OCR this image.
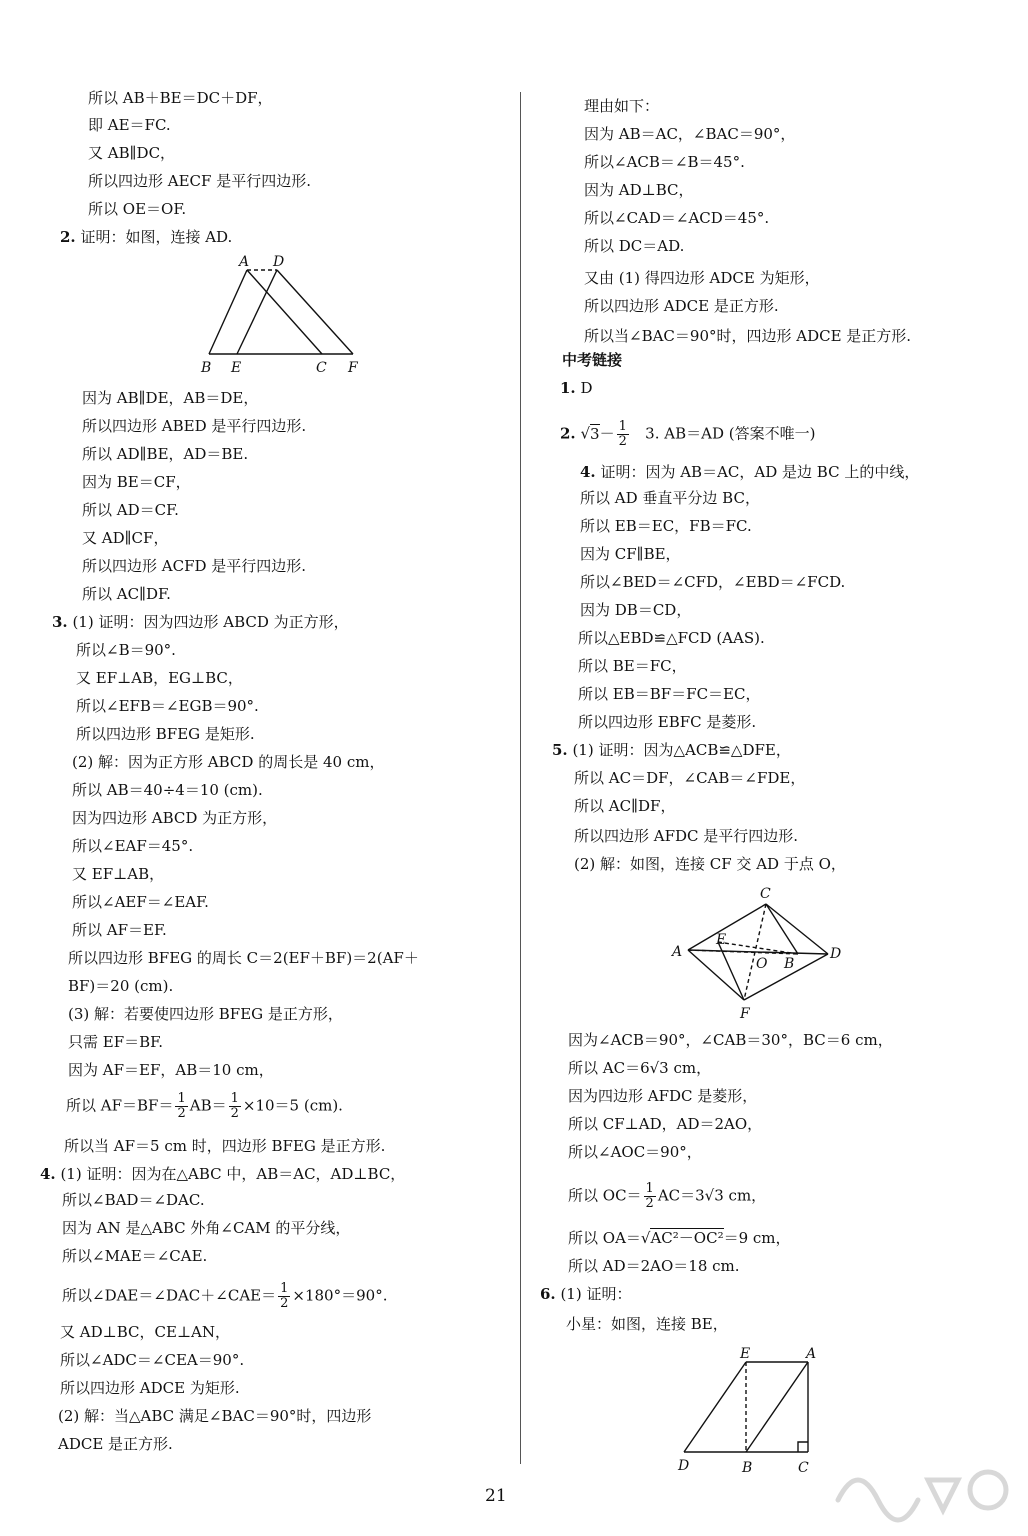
所以 AB＋BE＝DC＋DF，
即 AE＝FC.
又 AB∥DC，
所以四边形 AECF 是平行四边形.
所以 OE＝OF.
2. 证明：如图，连接 AD.
因为 AB∥DE，AB＝DE，
所以四边形 ABED 是平行四边形.
所以 AD∥BE，AD＝BE.
因为 BE＝CF，
所以 AD＝CF.
又 AD∥CF，
所以四边形 ACFD 是平行四边形.
所以 AC∥DF.
3. (1) 证明：因为四边形 ABCD 为正方形，
所以∠B＝90°.
又 EF⊥AB，EG⊥BC，
所以∠EFB＝∠EGB＝90°.
所以四边形 BFEG 是矩形.
(2) 解：因为正方形 ABCD 的周长是 40 cm，
所以 AB＝40÷4＝10 (cm).
因为四边形 ABCD 为正方形，
所以∠EAF＝45°.
又 EF⊥AB，
所以∠AEF＝∠EAF.
所以 AF＝EF.
所以四边形 BFEG 的周长 C＝2(EF＋BF)＝2(AF＋
BF)＝20 (cm).
(3) 解：若要使四边形 BFEG 是正方形，
只需 EF＝BF.
因为 AF＝EF，AB＝10 cm，
所以当 AF＝5 cm 时，四边形 BFEG 是正方形.
4. (1) 证明：因为在△ABC 中，AB＝AC，AD⊥BC，
所以∠BAD＝∠DAC.
因为 AN 是△ABC 外角∠CAM 的平分线，
所以∠MAE＝∠CAE.
又 AD⊥BC，CE⊥AN，
所以∠ADC＝∠CEA＝90°.
所以四边形 ADCE 为矩形.
(2) 解：当△ABC 满足∠BAC＝90°时，四边形
ADCE 是正方形.
理由如下：
因为 AB＝AC，∠BAC＝90°，
所以∠ACB＝∠B＝45°.
因为 AD⊥BC，
所以∠CAD＝∠ACD＝45°.
所以 DC＝AD.
又由 (1) 得四边形 ADCE 为矩形，
所以四边形 ADCE 是正方形.
所以当∠BAC＝90°时，四边形 ADCE 是正方形.
中考链接
1. D
4. 证明：因为 AB＝AC，AD 是边 BC 上的中线，
所以 AD 垂直平分边 BC，
所以 EB＝EC，FB＝FC.
因为 CF∥BE，
所以∠BED＝∠CFD，∠EBD＝∠FCD.
因为 DB＝CD，
所以△EBD≌△FCD (AAS).
所以 BE＝FC，
所以 EB＝BF＝FC＝EC，
所以四边形 EBFC 是菱形.
5. (1) 证明：因为△ACB≌△DFE，
所以 AC＝DF，∠CAB＝∠FDE，
所以 AC∥DF，
所以四边形 AFDC 是平行四边形.
(2) 解：如图，连接 CF 交 AD 于点 O，
因为∠ACB＝90°，∠CAB＝30°，BC＝6 cm，
因为四边形 AFDC 是菱形，
所以 CF⊥AD，AD＝2AO，
所以∠AOC＝90°，
所以 AD＝2AO＝18 cm.
6. (1) 证明：
小星：如图，连接 BE，
所以 $AF=BF= \frac{1}{2} AB= \frac{1}{2} \times 10=5$ (cm).
所以∠DAE＝∠DAC＋∠CAE＝ $\frac{1}{2} \times 180^\circ=90^\circ$.
2. $√3- \frac{1}{2} 3$. AB＝AD (答案不唯一)
所以 AC＝6√3 cm，
所以 $OC= \frac{1}{2} AC=3√3$ cm，
所以 OA＝√AC²－OC²＝9 cm，
A D
B E	C F
C
A
E
O B
D
F
E	A
D	B	C
21
